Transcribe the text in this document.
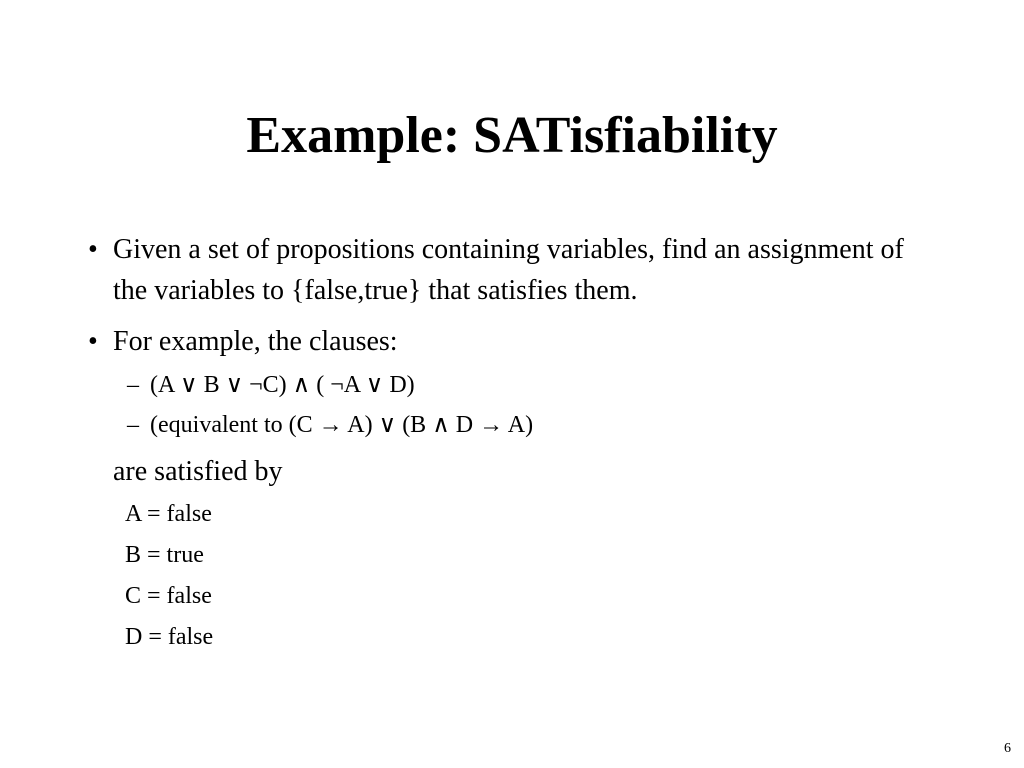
Example: SATisfiability
• Given a set of propositions containing variables, find an assignment of the variables to {false,true} that satisfies them.
• For example, the clauses:
– (A ∨ B ∨ ¬C) ∧ ( ¬A ∨ D)
– (equivalent to (C → A) ∨ (B ∧ D → A)
are satisfied by
A = false
B = true
C = false
D = false
6
